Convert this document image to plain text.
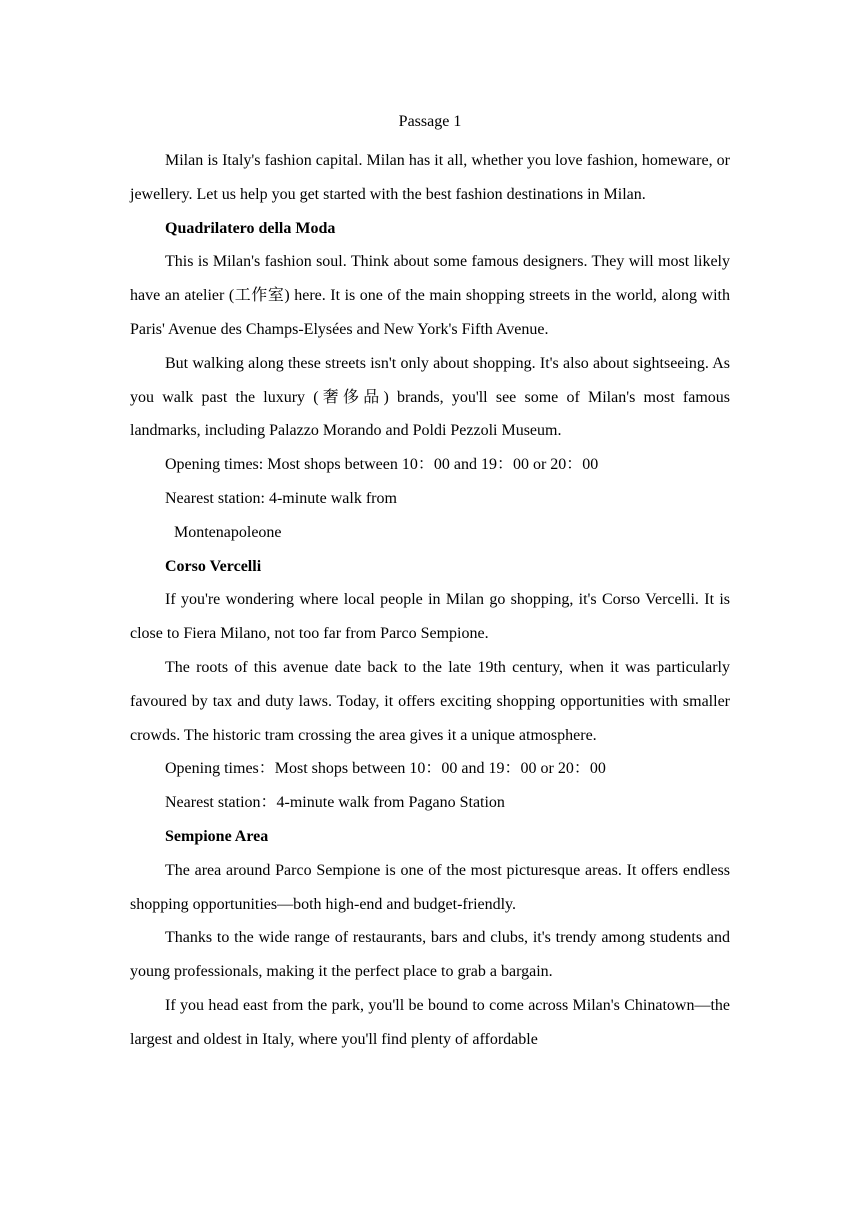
Passage 1

Milan is Italy's fashion capital. Milan has it all, whether you love fashion, homeware, or jewellery. Let us help you get started with the best fashion destinations in Milan.

Quadrilatero della Moda

This is Milan's fashion soul. Think about some famous designers. They will most likely have an atelier (工作室) here. It is one of the main shopping streets in the world, along with Paris' Avenue des Champs-Elysées and New York's Fifth Avenue.

But walking along these streets isn't only about shopping. It's also about sightseeing. As you walk past the luxury (奢侈品) brands, you'll see some of Milan's most famous landmarks, including Palazzo Morando and Poldi Pezzoli Museum.

Opening times: Most shops between 10：00 and 19：00 or 20：00

Nearest station: 4-minute walk from

Montenapoleone

Corso Vercelli

If you're wondering where local people in Milan go shopping, it's Corso Vercelli. It is close to Fiera Milano, not too far from Parco Sempione.

The roots of this avenue date back to the late 19th century, when it was particularly favoured by tax and duty laws. Today, it offers exciting shopping opportunities with smaller crowds. The historic tram crossing the area gives it a unique atmosphere.

Opening times：Most shops between 10：00 and 19：00 or 20：00

Nearest station：4-minute walk from Pagano Station

Sempione Area

The area around Parco Sempione is one of the most picturesque areas. It offers endless shopping opportunities—both high-end and budget-friendly.

Thanks to the wide range of restaurants, bars and clubs, it's trendy among students and young professionals, making it the perfect place to grab a bargain.

If you head east from the park, you'll be bound to come across Milan's Chinatown—the largest and oldest in Italy, where you'll find plenty of affordable
